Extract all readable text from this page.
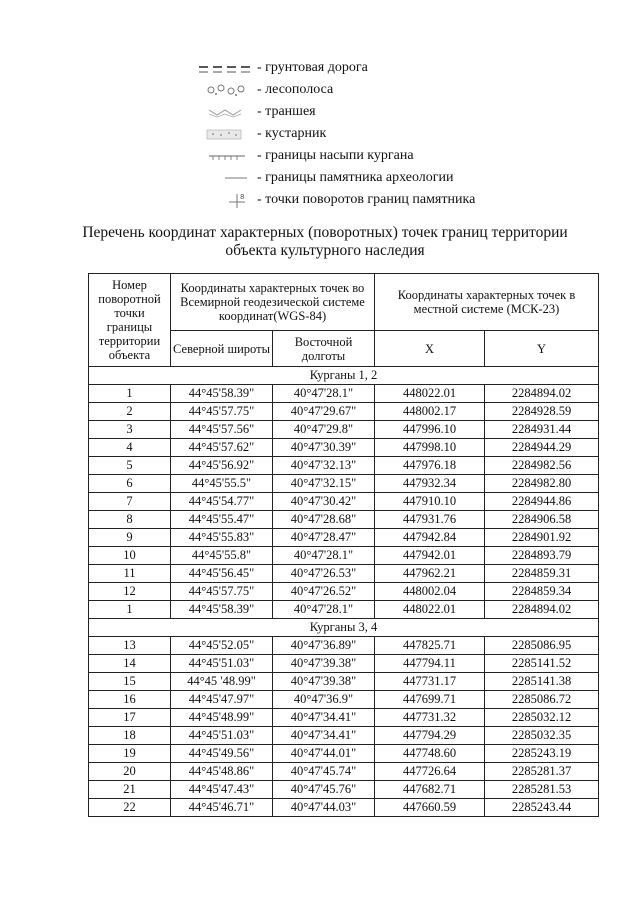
- грунтовая дорога
- лесополоса
- траншея
- кустарник
- границы насыпи кургана
- границы памятника археологии
8 - точки поворотов границ памятника
Перечень координат характерных (поворотных) точек границ территории
объекта культурного наследия
Номер поворотной точки границы территории объекта	Координаты характерных точек во Всемирной геодезической системе координат(WGS-84)		Координаты характерных точек в местной системе (МСК-23)	
	Северной широты	Восточной долготы	X	Y
Курганы 1, 2				
1	44°45'58.39"	40°47'28.1"	448022.01	2284894.02
2	44°45'57.75"	40°47'29.67"	448002.17	2284928.59
3	44°45'57.56"	40°47'29.8"	447996.10	2284931.44
4	44°45'57.62"	40°47'30.39"	447998.10	2284944.29
5	44°45'56.92"	40°47'32.13"	447976.18	2284982.56
6	44°45'55.5"	40°47'32.15"	447932.34	2284982.80
7	44°45'54.77"	40°47'30.42"	447910.10	2284944.86
8	44°45'55.47"	40°47'28.68"	447931.76	2284906.58
9	44°45'55.83"	40°47'28.47"	447942.84	2284901.92
10	44°45'55.8"	40°47'28.1"	447942.01	2284893.79
11	44°45'56.45"	40°47'26.53"	447962.21	2284859.31
12	44°45'57.75"	40°47'26.52"	448002.04	2284859.34
1	44°45'58.39"	40°47'28.1"	448022.01	2284894.02
Курганы 3, 4				
13	44°45'52.05"	40°47'36.89"	447825.71	2285086.95
14	44°45'51.03"	40°47'39.38"	447794.11	2285141.52
15	44°45 '48.99"	40°47'39.38"	447731.17	2285141.38
16	44°45'47.97"	40°47'36.9"	447699.71	2285086.72
17	44°45'48.99"	40°47'34.41"	447731.32	2285032.12
18	44°45'51.03"	40°47'34.41"	447794.29	2285032.35
19	44°45'49.56"	40°47'44.01"	447748.60	2285243.19
20	44°45'48.86"	40°47'45.74"	447726.64	2285281.37
21	44°45'47.43"	40°47'45.76"	447682.71	2285281.53
22	44°45'46.71"	40°47'44.03"	447660.59	2285243.44
